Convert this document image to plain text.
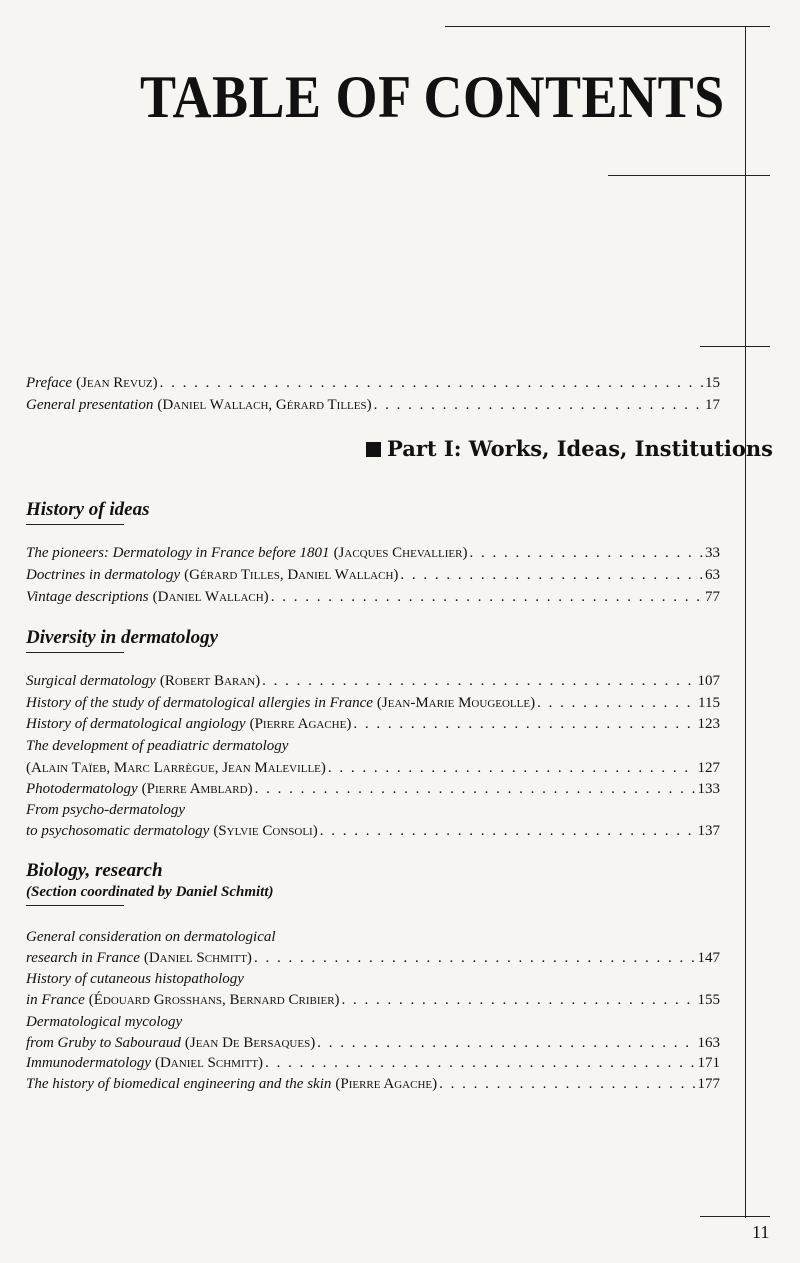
TABLE OF CONTENTS
Preface (Jean Revuz) . . .	15
General presentation (Daniel Wallach, Gérard Tilles) . . .	17
Part I: Works, Ideas, Institutions
History of ideas
The pioneers: Dermatology in France before 1801 (Jacques Chevallier) . . .	33
Doctrines in dermatology (Gérard Tilles, Daniel Wallach) . . .	63
Vintage descriptions (Daniel Wallach) . . .	77
Diversity in dermatology
Surgical dermatology (Robert Baran) . . .	107
History of the study of dermatological allergies in France (Jean-Marie Mougeolle) . . .	115
History of dermatological angiology (Pierre Agache) . . .	123
The development of peadiatric dermatology
(Alain Taïeb, Marc Larrègue, Jean Maleville) . . .	127
Photodermatology (Pierre Amblard) . . .	133
From psycho-dermatology
to psychosomatic dermatology (Sylvie Consoli) . . .	137
Biology, research
(Section coordinated by Daniel Schmitt)
General consideration on dermatological
research in France (Daniel Schmitt) . . .	147
History of cutaneous histopathology
in France (Édouard Grosshans, Bernard Cribier) . . .	155
Dermatological mycology
from Gruby to Sabouraud (Jean De Bersaques) . . .	163
Immunodermatology (Daniel Schmitt) . . .	171
The history of biomedical engineering and the skin (Pierre Agache) . . .	177
11
